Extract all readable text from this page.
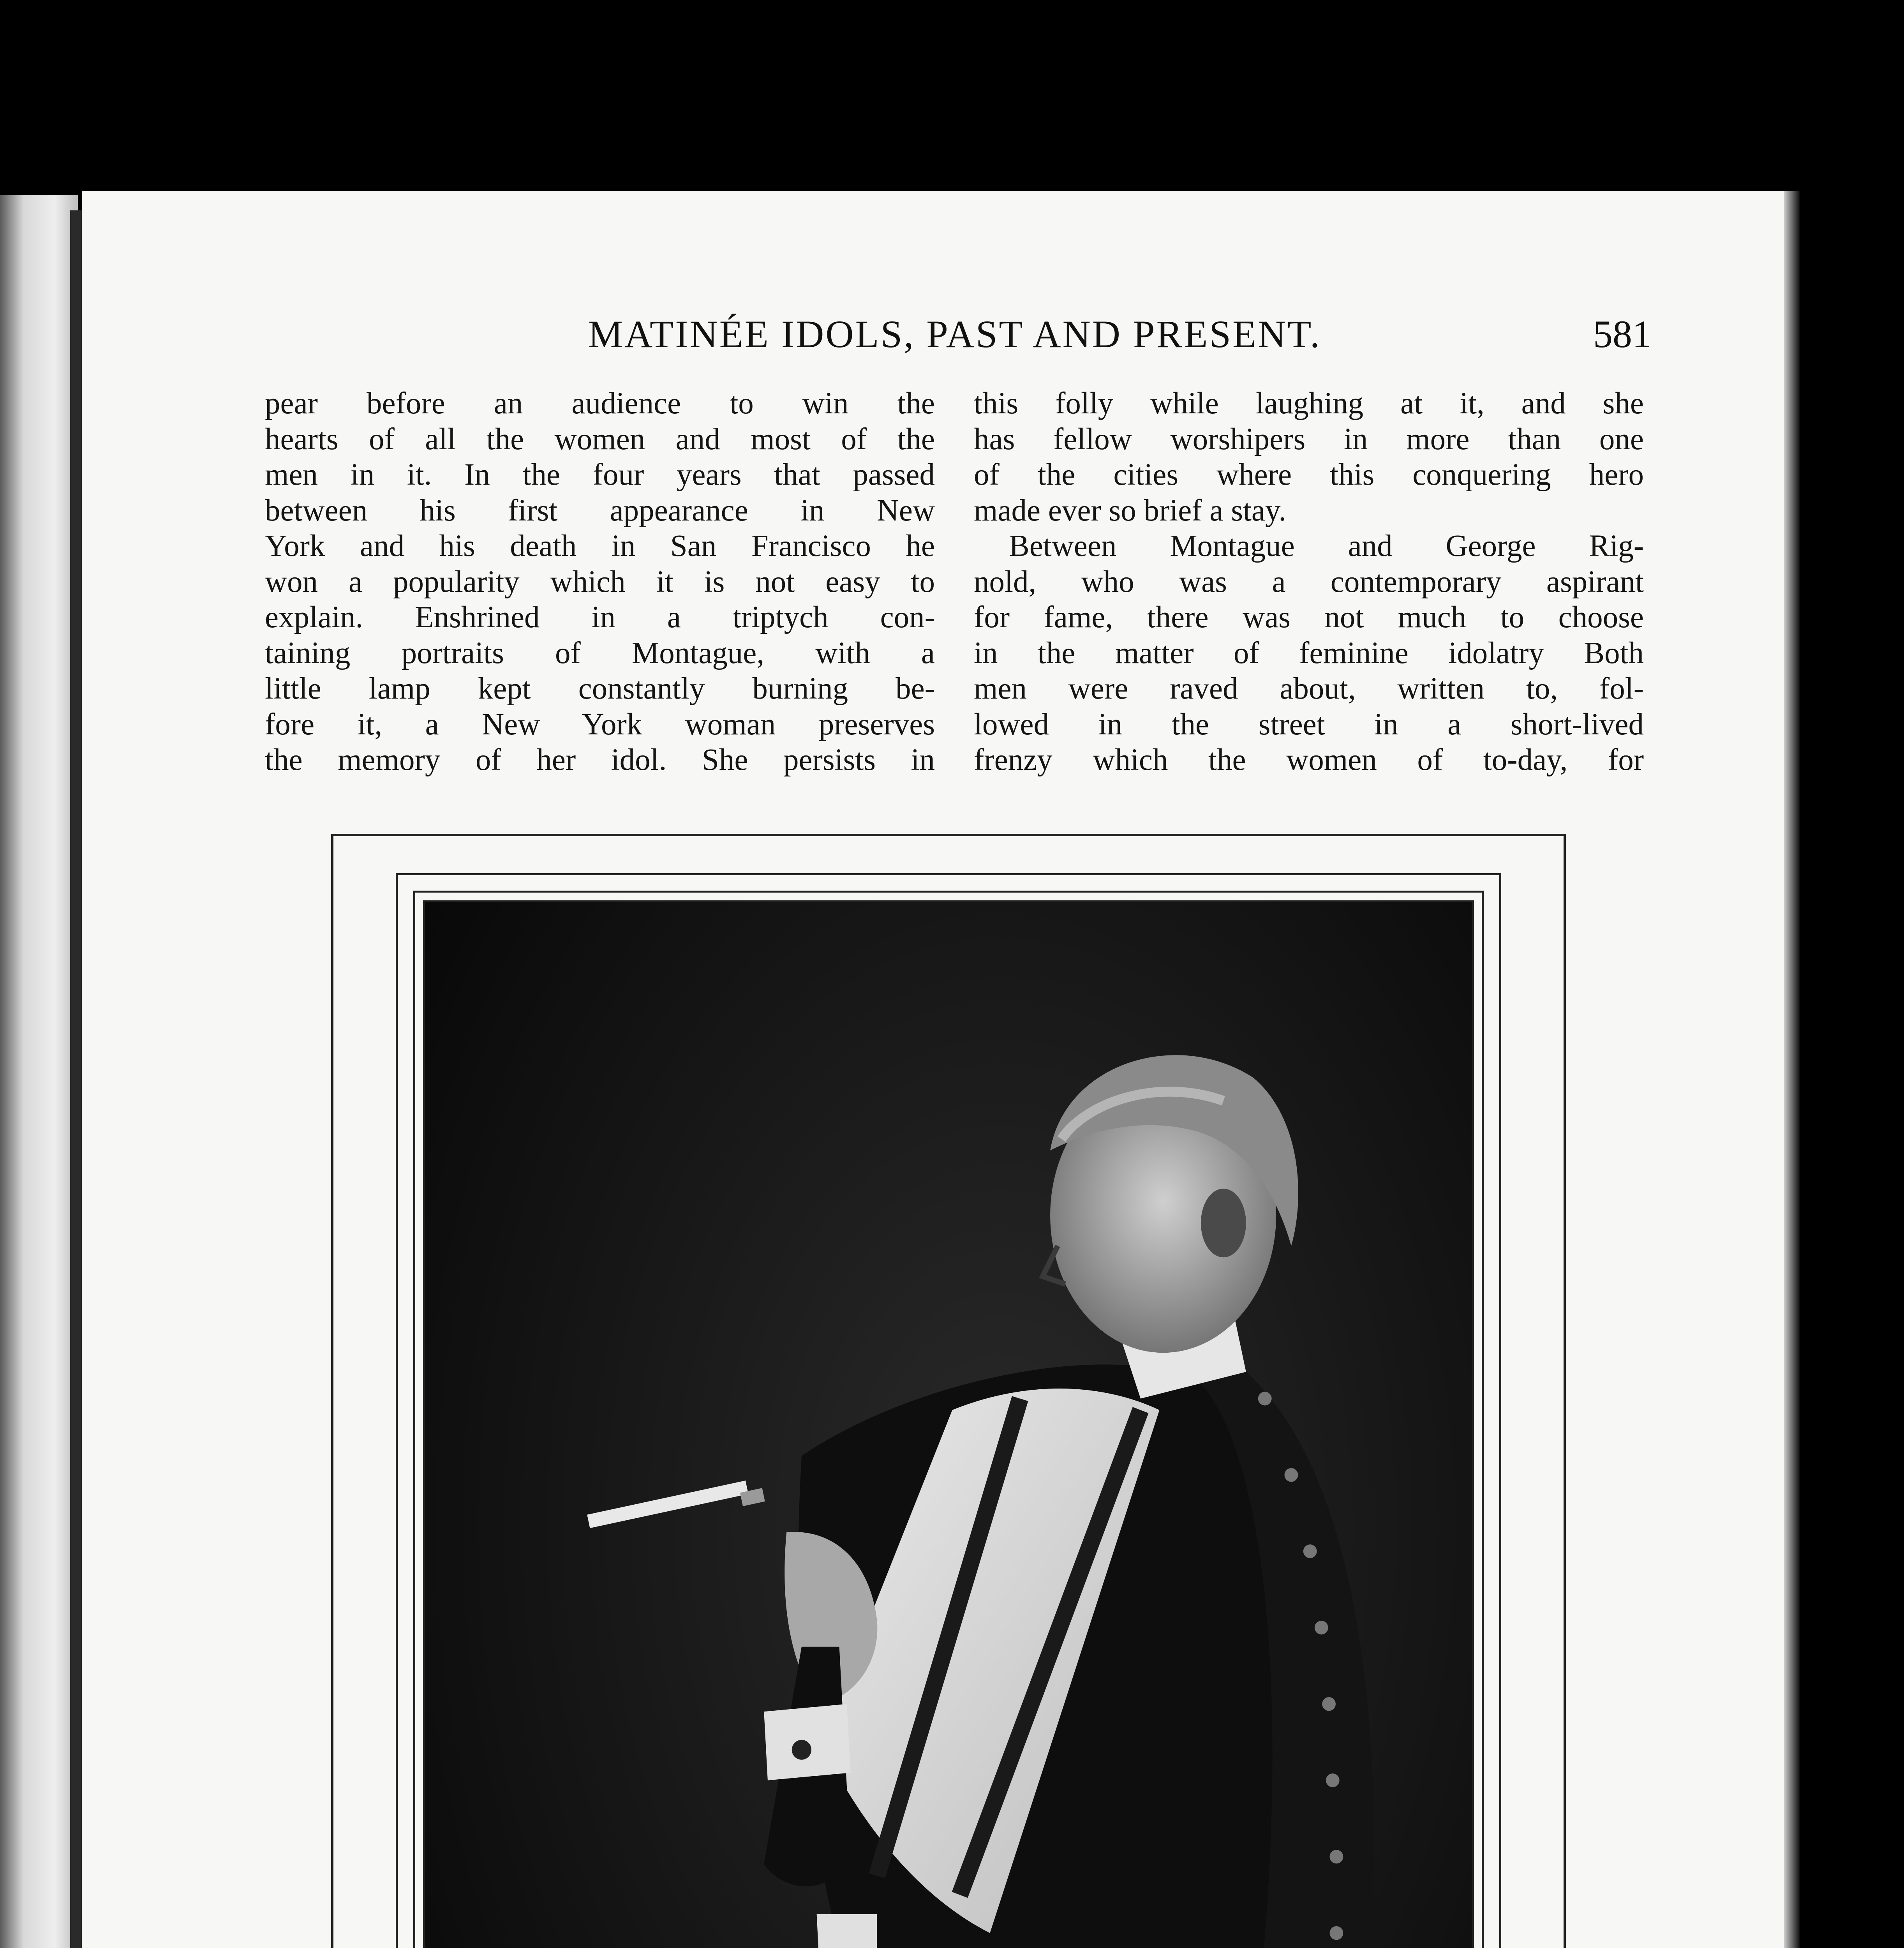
MATINÉE IDOLS, PAST AND PRESENT.	581
pear before an audience to win the
hearts of all the women and most of the
men in it. In the four years that passed
between his first appearance in New
York and his death in San Francisco he
won a popularity which it is not easy to
explain. Enshrined in a triptych con-
taining portraits of Montague, with a
little lamp kept constantly burning be-
fore it, a New York woman preserves
the memory of her idol. She persists in
this folly while laughing at it, and she
has fellow worshipers in more than one
of the cities where this conquering hero
made ever so brief a stay.
Between Montague and George Rig-
nold, who was a contemporary aspirant
for fame, there was not much to choose
in the matter of feminine idolatry Both
men were raved about, written to, fol-
lowed in the street in a short-lived
frenzy which the women of to-day, for
